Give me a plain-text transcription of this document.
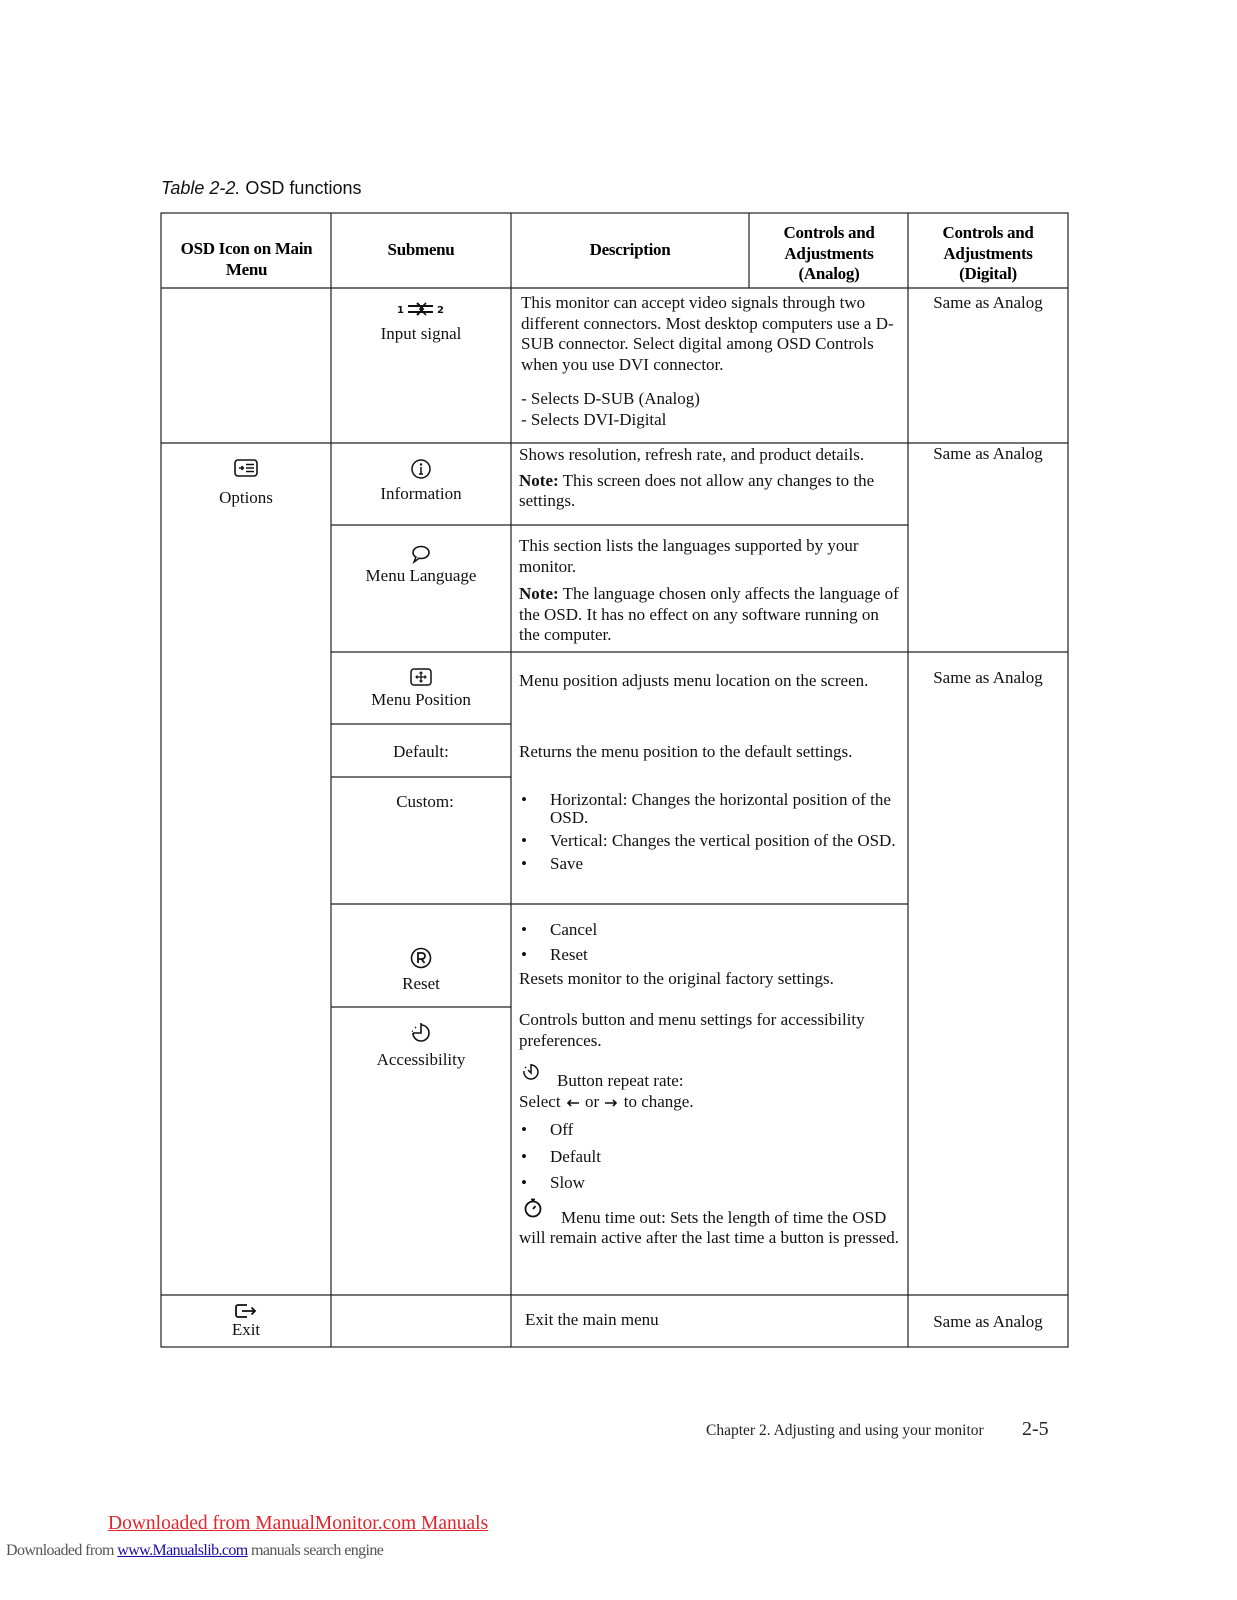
Table 2-2. OSD functions
OSD Icon on Main Menu
Submenu	Description
Controls and Adjustments (Analog)
Controls and Adjustments (Digital)
1	2
Input signal
This monitor can accept video signals through two different connectors. Most desktop computers use a D-SUB connector. Select digital among OSD Controls when you use DVI connector.
- Selects D-SUB (Analog)
- Selects DVI-Digital
Same as Analog
Options	Information
Shows resolution, refresh rate, and product details.
Note: This screen does not allow any changes to the settings.
Same as Analog
Menu Language
This section lists the languages supported by your monitor.
Note: The language chosen only affects the language of the OSD. It has no effect on any software running on the computer.
Menu Position
Menu position adjusts menu location on the screen.	Same as Analog
Default:	Returns the menu position to the default settings.
Custom:
•	Horizontal: Changes the horizontal position of the OSD.
• Vertical: Changes the vertical position of the OSD.
• Save
Reset
• Cancel
• Reset
Resets monitor to the original factory settings.
Accessibility
Controls button and menu settings for accessibility preferences.
Button repeat rate:
Select or to change.
• Off
• Default
• Slow
Menu time out: Sets the length of time the OSD will remain active after the last time a button is pressed.
Exit
Exit the main menu	Same as Analog
Chapter 2. Adjusting and using your monitor 2-5
Downloaded from ManualMonitor.com Manuals
Downloaded from www.Manualslib.com manuals search engine
